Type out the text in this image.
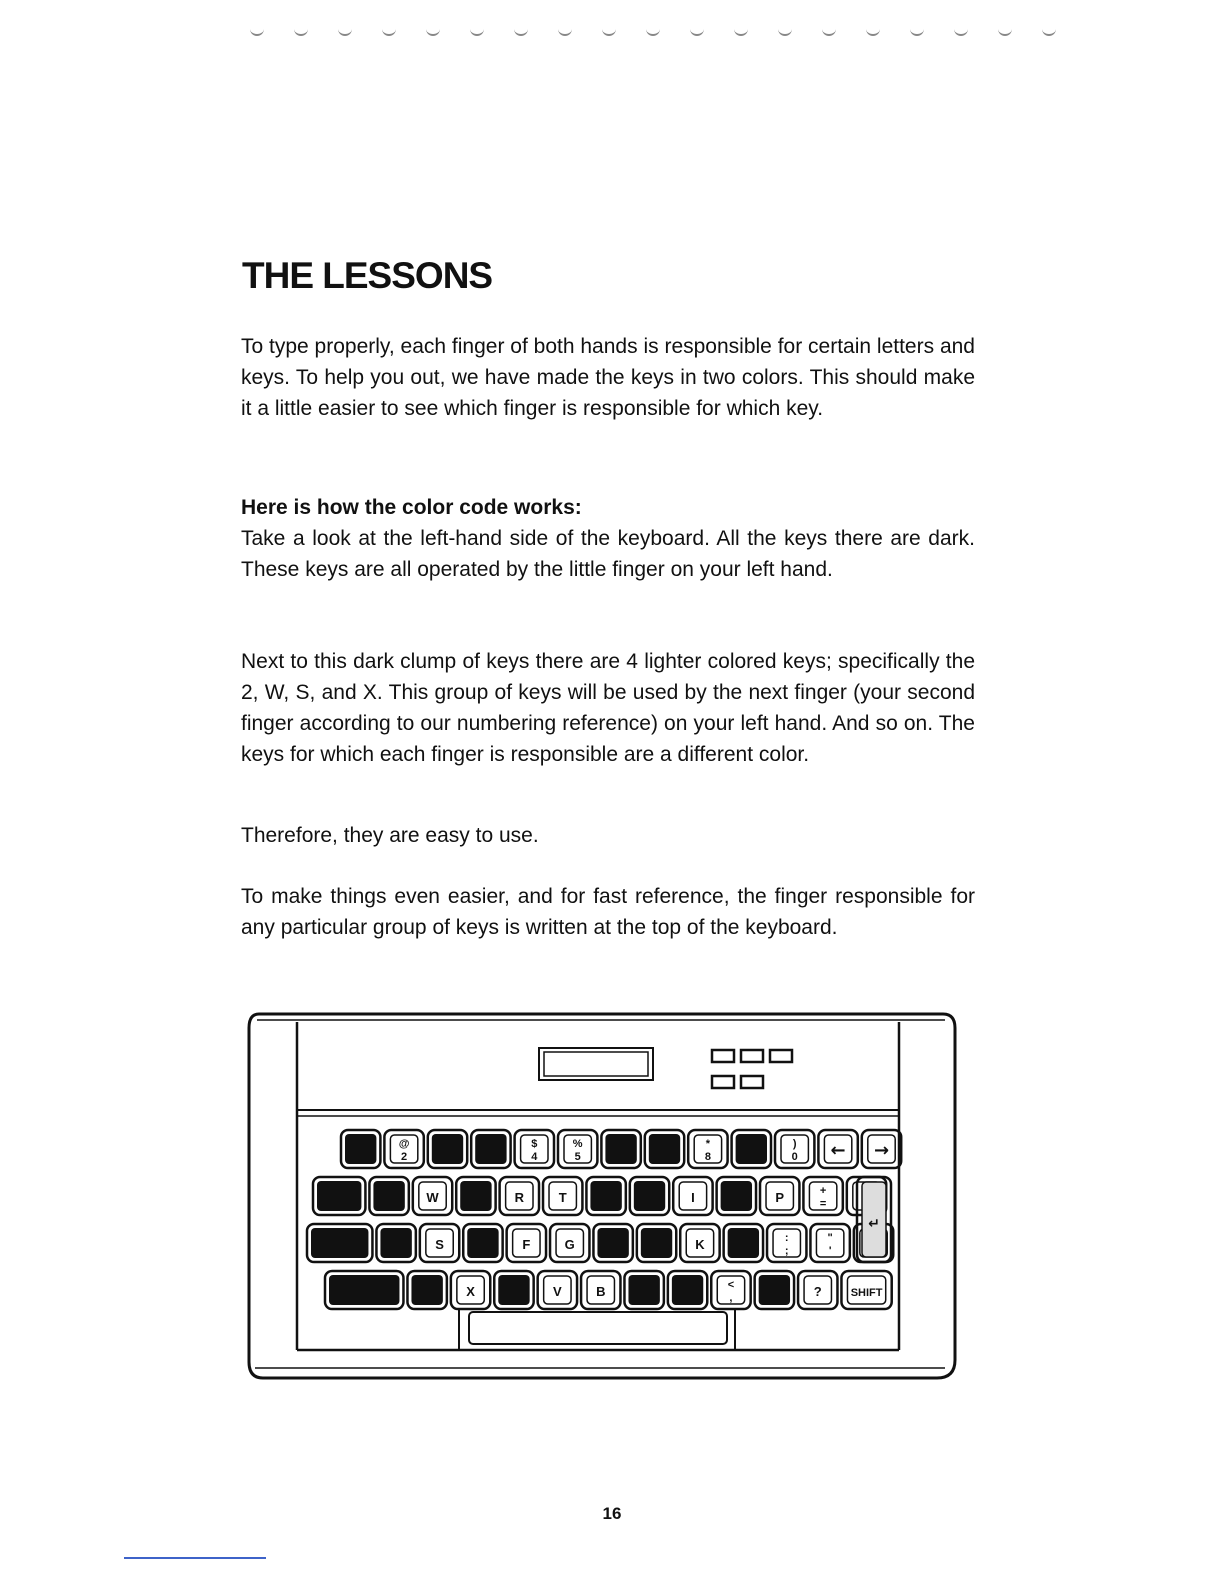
THE LESSONS

To type properly, each finger of both hands is responsible for certain letters and keys. To help you out, we have made the keys in two colors. This should make it a little easier to see which finger is responsible for which key.

Here is how the color code works:

Take a look at the left-hand side of the keyboard. All the keys there are dark. These keys are all operated by the little finger on your left hand.

Next to this dark clump of keys there are 4 lighter colored keys; specifically the 2, W, S, and X. This group of keys will be used by the next finger (your second finger according to our numbering reference) on your left hand. And so on. The keys for which each finger is responsible are a different color.

Therefore, they are easy to use.

To make things even easier, and for fast reference, the finger responsible for any particular group of keys is written at the top of the keyboard.

@
2
$
4
%
5
*
8
)
0 ← →
W	R	T	I	P	+
=
S	F	G	K	:
;
"
'
X	V	B	<
,	?	SHIFT
↵
16
